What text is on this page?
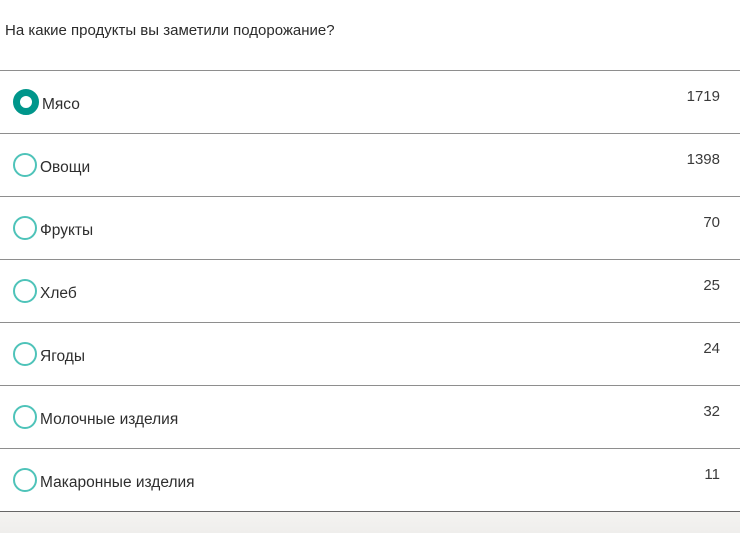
На какие продукты вы заметили подорожание?
Мясо	1719
Овощи	1398
Фрукты	70
Хлеб	25
Ягоды	24
Молочные изделия	32
Макаронные изделия	11
